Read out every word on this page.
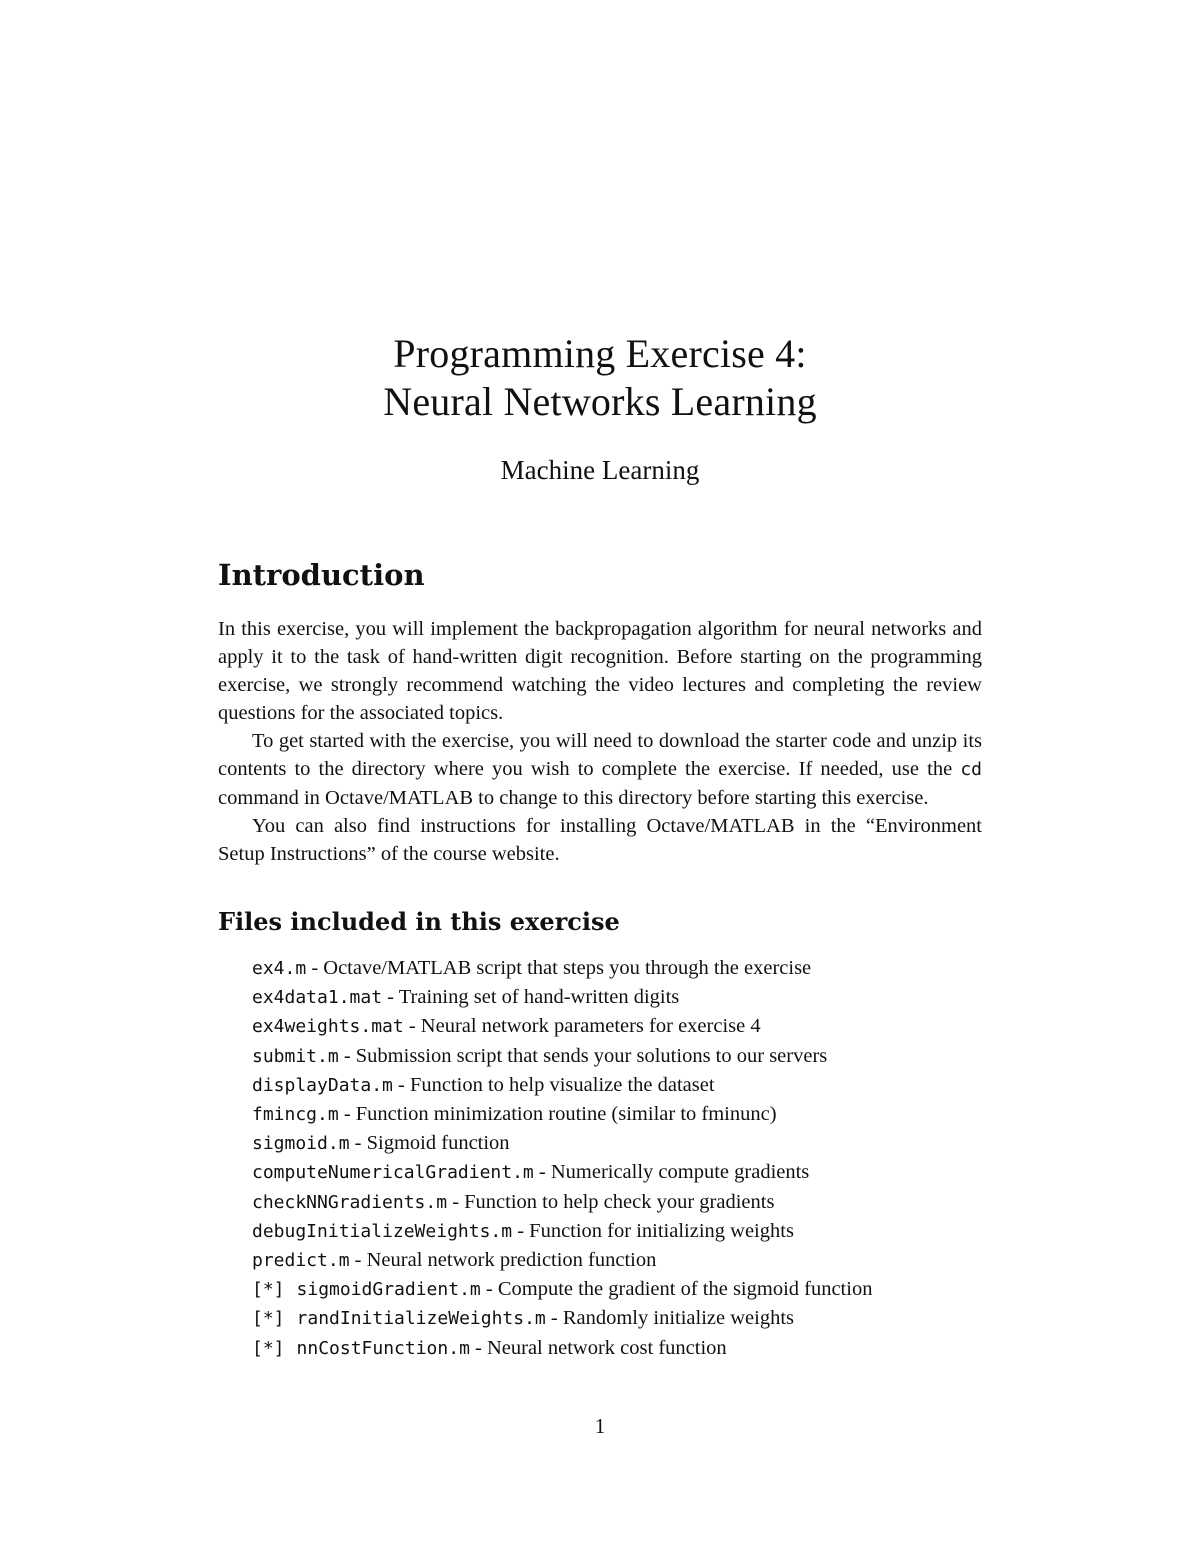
Programming Exercise 4:
Neural Networks Learning
Machine Learning
Introduction

In this exercise, you will implement the backpropagation algorithm for neural networks and apply it to the task of hand-written digit recognition. Before starting on the programming exercise, we strongly recommend watching the video lectures and completing the review questions for the associated topics.

To get started with the exercise, you will need to download the starter code and unzip its contents to the directory where you wish to complete the exercise. If needed, use the cd command in Octave/MATLAB to change to this directory before starting this exercise.

You can also find instructions for installing Octave/MATLAB in the “Environment Setup Instructions” of the course website.

Files included in this exercise
ex4.m - Octave/MATLAB script that steps you through the exercise
ex4data1.mat - Training set of hand-written digits
ex4weights.mat - Neural network parameters for exercise 4
submit.m - Submission script that sends your solutions to our servers
displayData.m - Function to help visualize the dataset
fmincg.m - Function minimization routine (similar to fminunc)
sigmoid.m - Sigmoid function
computeNumericalGradient.m - Numerically compute gradients
checkNNGradients.m - Function to help check your gradients
debugInitializeWeights.m - Function for initializing weights
predict.m - Neural network prediction function
[*] sigmoidGradient.m - Compute the gradient of the sigmoid function
[*] randInitializeWeights.m - Randomly initialize weights
[*] nnCostFunction.m - Neural network cost function
1
